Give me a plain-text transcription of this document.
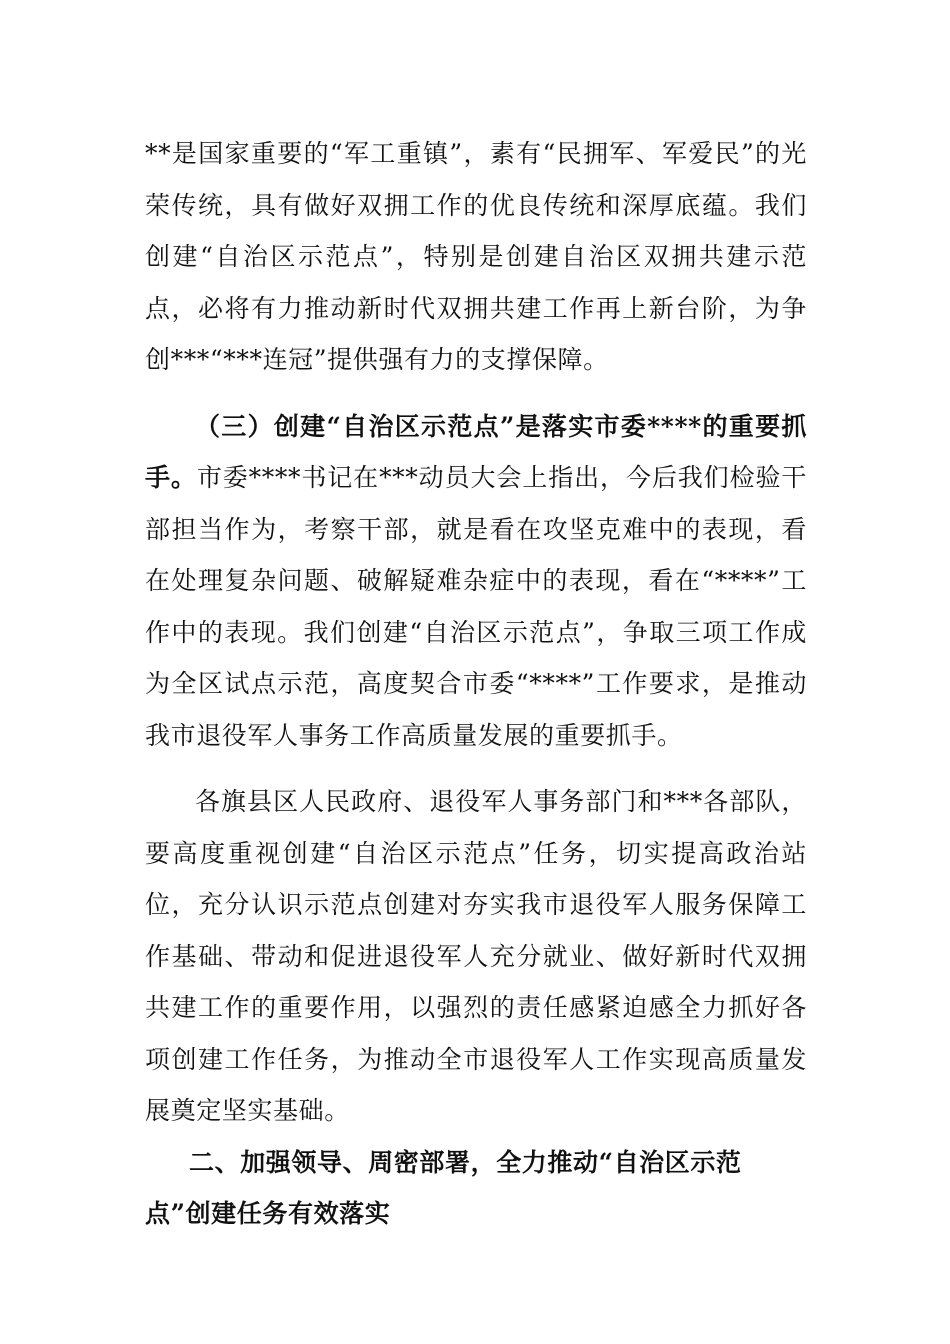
**是国家重要的“军工重镇”，素有“民拥军、军爱民”的光荣传统，具有做好双拥工作的优良传统和深厚底蕴。我们创建“自治区示范点”，特别是创建自治区双拥共建示范点，必将有力推动新时代双拥共建工作再上新台阶，为争创***“***连冠”提供强有力的支撑保障。

（三）创建“自治区示范点”是落实市委****的重要抓手。市委****书记在***动员大会上指出，今后我们检验干部担当作为，考察干部，就是看在攻坚克难中的表现，看在处理复杂问题、破解疑难杂症中的表现，看在“****”工作中的表现。我们创建“自治区示范点”，争取三项工作成为全区试点示范，高度契合市委“****”工作要求，是推动我市退役军人事务工作高质量发展的重要抓手。

各旗县区人民政府、退役军人事务部门和***各部队，要高度重视创建“自治区示范点”任务，切实提高政治站位，充分认识示范点创建对夯实我市退役军人服务保障工作基础、带动和促进退役军人充分就业、做好新时代双拥共建工作的重要作用，以强烈的责任感紧迫感全力抓好各项创建工作任务，为推动全市退役军人工作实现高质量发展奠定坚实基础。

二、加强领导、周密部署，全力推动“自治区示范点”创建任务有效落实
